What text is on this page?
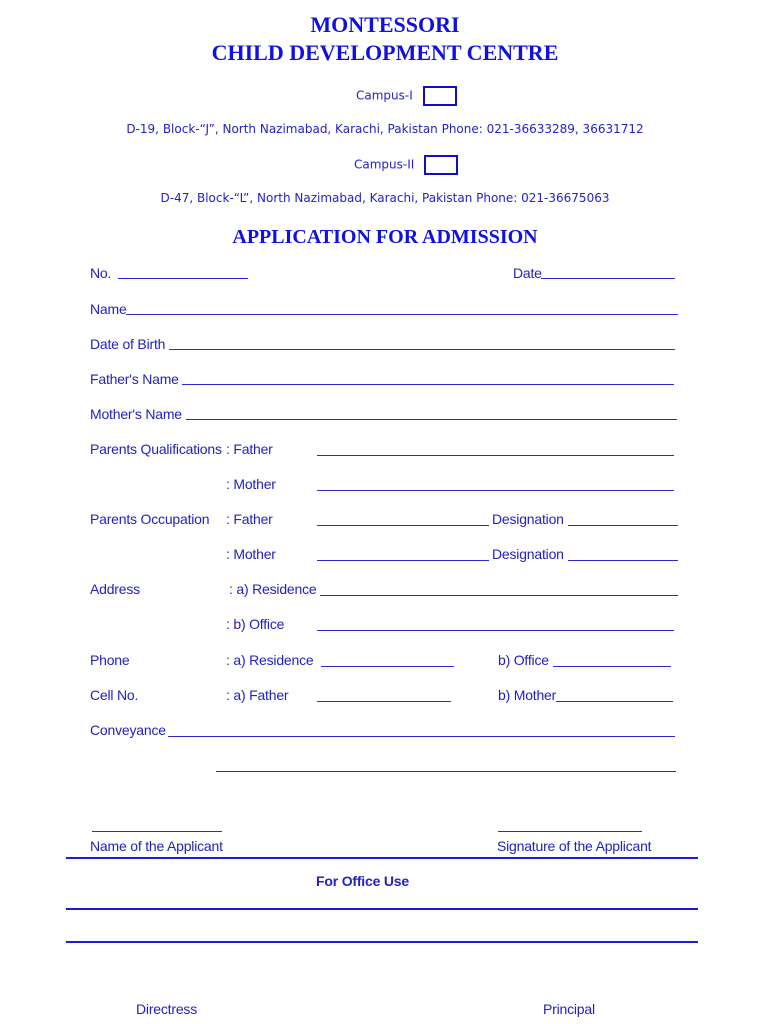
MONTESSORI
CHILD DEVELOPMENT CENTRE
Campus-I
D-19, Block-“J”, North Nazimabad, Karachi, Pakistan Phone: 021-36633289, 36631712
Campus-II
D-47, Block-“L”, North Nazimabad, Karachi, Pakistan Phone: 021-36675063
APPLICATION FOR ADMISSION
No.	Date
Name
Date of Birth
Father's Name
Mother's Name
Parents Qualifications : Father
: Mother
Parents Occupation : Father	Designation
: Mother	Designation
Address	: a) Residence
: b) Office
Phone	: a) Residence	b) Office
Cell No.	: a) Father	b) Mother
Conveyance
Name of the Applicant	Signature of the Applicant
For Office Use
Directress	Principal
